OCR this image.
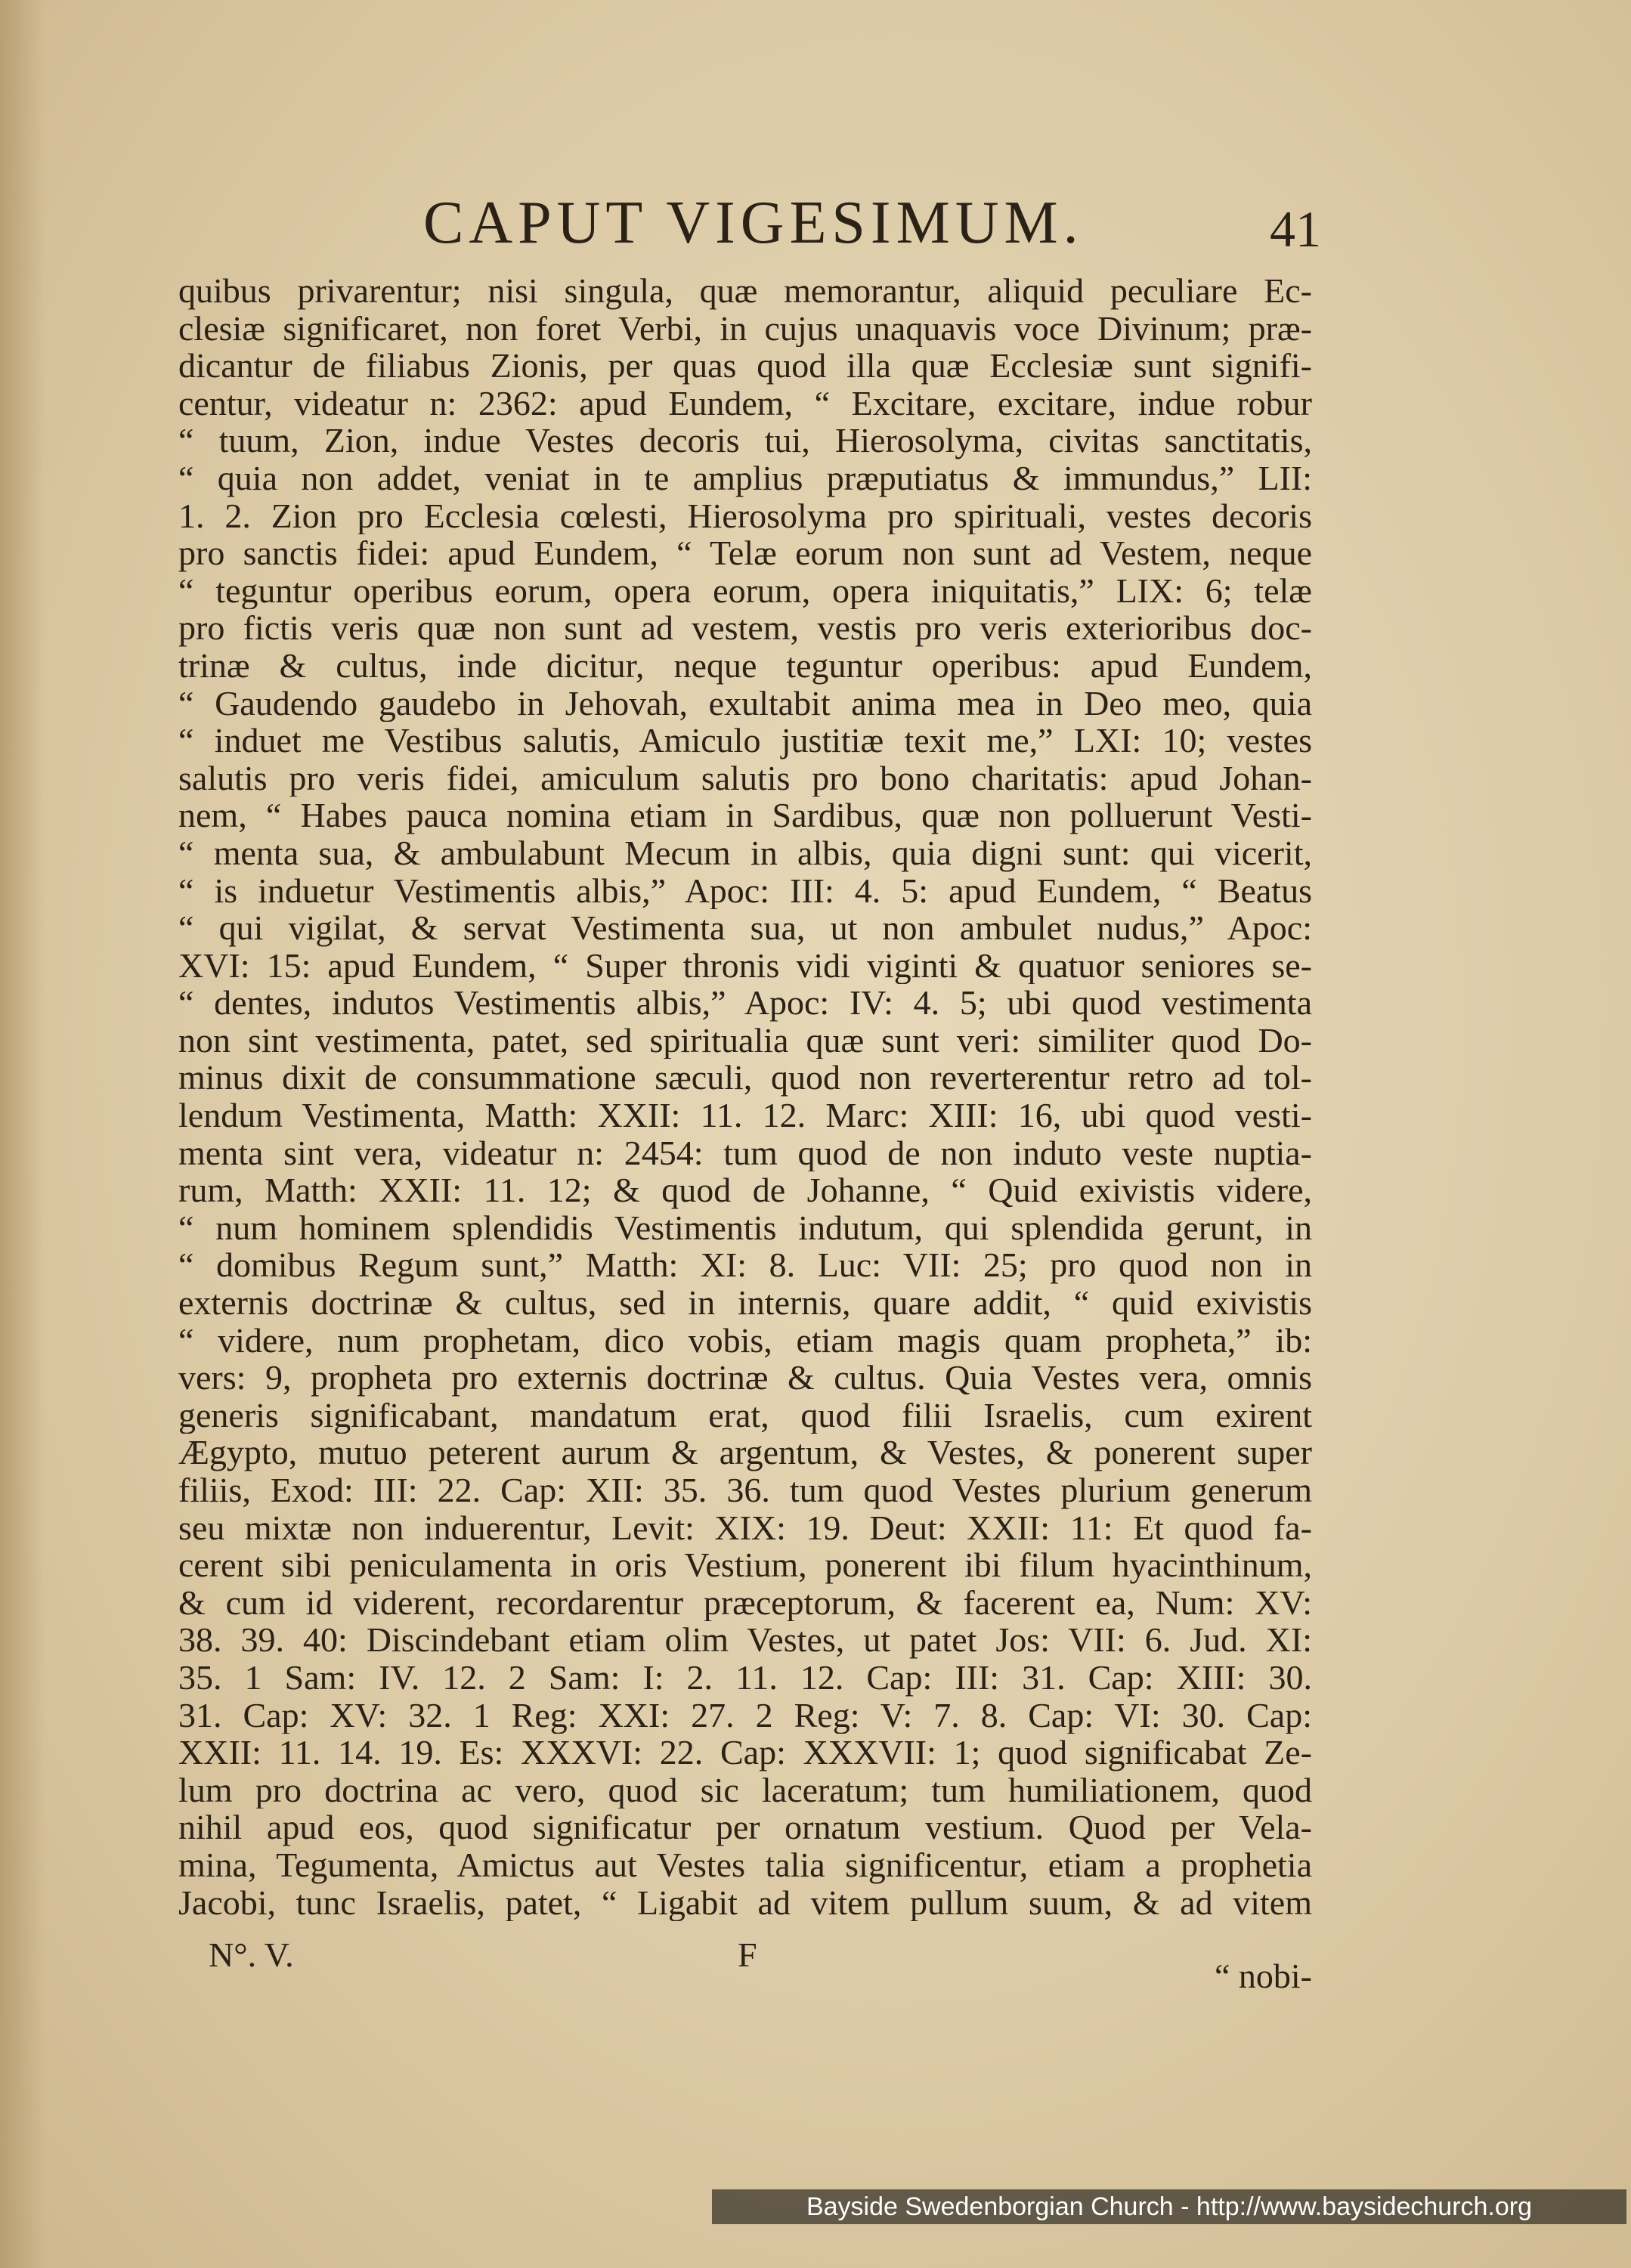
CAPUT VIGESIMUM.	41
quibus privarentur; nisi singula, quæ memorantur, aliquid peculiare Ec-
clesiæ significaret, non foret Verbi, in cujus unaquavis voce Divinum; præ-
dicantur de filiabus Zionis, per quas quod illa quæ Ecclesiæ sunt signifi-
centur, videatur n: 2362: apud Eundem, “ Excitare, excitare, indue robur
“ tuum, Zion, indue Vestes decoris tui, Hierosolyma, civitas sanctitatis,
“ quia non addet, veniat in te amplius præputiatus & immundus,” LII:
1. 2. Zion pro Ecclesia cœlesti, Hierosolyma pro spirituali, vestes decoris
pro sanctis fidei: apud Eundem, “ Telæ eorum non sunt ad Vestem, neque
“ teguntur operibus eorum, opera eorum, opera iniquitatis,” LIX: 6; telæ
pro fictis veris quæ non sunt ad vestem, vestis pro veris exterioribus doc-
trinæ & cultus, inde dicitur, neque teguntur operibus: apud Eundem,
“ Gaudendo gaudebo in Jehovah, exultabit anima mea in Deo meo, quia
“ induet me Vestibus salutis, Amiculo justitiæ texit me,” LXI: 10; vestes
salutis pro veris fidei, amiculum salutis pro bono charitatis: apud Johan-
nem, “ Habes pauca nomina etiam in Sardibus, quæ non polluerunt Vesti-
“ menta sua, & ambulabunt Mecum in albis, quia digni sunt: qui vicerit,
“ is induetur Vestimentis albis,” Apoc: III: 4. 5: apud Eundem, “ Beatus
“ qui vigilat, & servat Vestimenta sua, ut non ambulet nudus,” Apoc:
XVI: 15: apud Eundem, “ Super thronis vidi viginti & quatuor seniores se-
“ dentes, indutos Vestimentis albis,” Apoc: IV: 4. 5; ubi quod vestimenta
non sint vestimenta, patet, sed spiritualia quæ sunt veri: similiter quod Do-
minus dixit de consummatione sæculi, quod non reverterentur retro ad tol-
lendum Vestimenta, Matth: XXII: 11. 12. Marc: XIII: 16, ubi quod vesti-
menta sint vera, videatur n: 2454: tum quod de non induto veste nuptia-
rum, Matth: XXII: 11. 12; & quod de Johanne, “ Quid exivistis videre,
“ num hominem splendidis Vestimentis indutum, qui splendida gerunt, in
“ domibus Regum sunt,” Matth: XI: 8. Luc: VII: 25; pro quod non in
externis doctrinæ & cultus, sed in internis, quare addit, “ quid exivistis
“ videre, num prophetam, dico vobis, etiam magis quam propheta,” ib:
vers: 9, propheta pro externis doctrinæ & cultus. Quia Vestes vera, omnis
generis significabant, mandatum erat, quod filii Israelis, cum exirent
Ægypto, mutuo peterent aurum & argentum, & Vestes, & ponerent super
filiis, Exod: III: 22. Cap: XII: 35. 36. tum quod Vestes plurium generum
seu mixtæ non induerentur, Levit: XIX: 19. Deut: XXII: 11: Et quod fa-
cerent sibi peniculamenta in oris Vestium, ponerent ibi filum hyacinthinum,
& cum id viderent, recordarentur præceptorum, & facerent ea, Num: XV:
38. 39. 40: Discindebant etiam olim Vestes, ut patet Jos: VII: 6. Jud. XI:
35. 1 Sam: IV. 12. 2 Sam: I: 2. 11. 12. Cap: III: 31. Cap: XIII: 30.
31. Cap: XV: 32. 1 Reg: XXI: 27. 2 Reg: V: 7. 8. Cap: VI: 30. Cap:
XXII: 11. 14. 19. Es: XXXVI: 22. Cap: XXXVII: 1; quod significabat Ze-
lum pro doctrina ac vero, quod sic laceratum; tum humiliationem, quod
nihil apud eos, quod significatur per ornatum vestium. Quod per Vela-
mina, Tegumenta, Amictus aut Vestes talia significentur, etiam a prophetia
Jacobi, tunc Israelis, patet, “ Ligabit ad vitem pullum suum, & ad vitem
N°. V.	F
“ nobi-
Bayside Swedenborgian Church - http://www.baysidechurch.org
